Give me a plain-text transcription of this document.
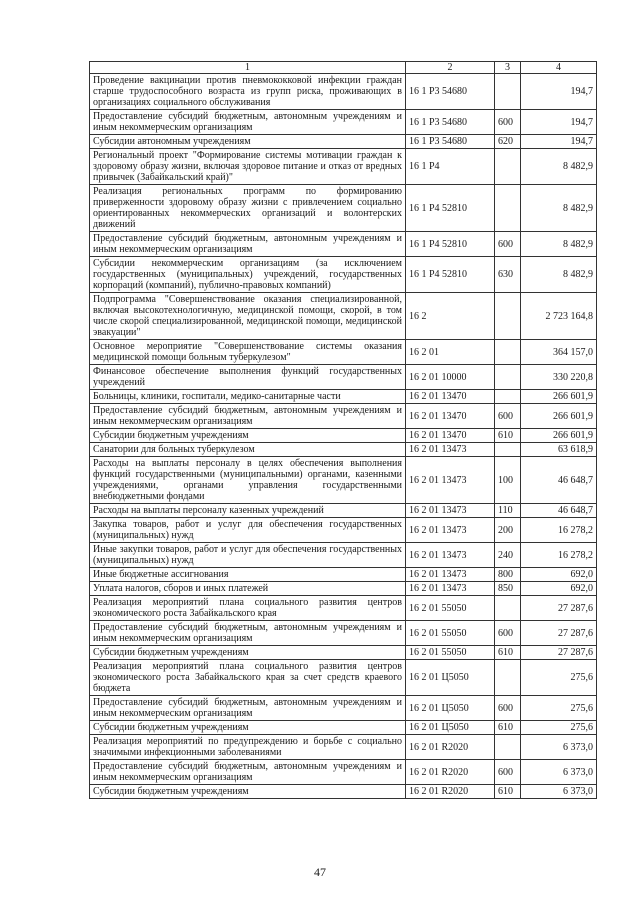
1	2	3	4
Проведение вакцинации против пневмококковой инфекции граждан старше трудоспособного возраста из групп риска, проживающих в организациях социального обслуживания	16 1 Р3 54680		194,7
Предоставление субсидий бюджетным, автономным учреждениям и иным некоммерческим организациям	16 1 Р3 54680	600	194,7
Субсидии автономным учреждениям	16 1 Р3 54680	620	194,7
Региональный проект "Формирование системы мотивации граждан к здоровому образу жизни, включая здоровое питание и отказ от вредных привычек (Забайкальский край)"	16 1 Р4		8 482,9
Реализация региональных программ по формированию приверженности здоровому образу жизни с привлечением социально ориентированных некоммерческих организаций и волонтерских движений	16 1 Р4 52810		8 482,9
Предоставление субсидий бюджетным, автономным учреждениям и иным некоммерческим организациям	16 1 Р4 52810	600	8 482,9
Субсидии некоммерческим организациям (за исключением государственных (муниципальных) учреждений, государственных корпораций (компаний), публично-правовых компаний)	16 1 Р4 52810	630	8 482,9
Подпрограмма "Совершенствование оказания специализированной, включая высокотехнологичную, медицинской помощи, скорой, в том числе скорой специализированной, медицинской помощи, медицинской эвакуации"	16 2		2 723 164,8
Основное мероприятие "Совершенствование системы оказания медицинской помощи больным туберкулезом"	16 2 01		364 157,0
Финансовое обеспечение выполнения функций государственных учреждений	16 2 01 10000		330 220,8
Больницы, клиники, госпитали, медико-санитарные части	16 2 01 13470		266 601,9
Предоставление субсидий бюджетным, автономным учреждениям и иным некоммерческим организациям	16 2 01 13470	600	266 601,9
Субсидии бюджетным учреждениям	16 2 01 13470	610	266 601,9
Санатории для больных туберкулезом	16 2 01 13473		63 618,9
Расходы на выплаты персоналу в целях обеспечения выполнения функций государственными (муниципальными) органами, казенными учреждениями, органами управления государственными внебюджетными фондами	16 2 01 13473	100	46 648,7
Расходы на выплаты персоналу казенных учреждений	16 2 01 13473	110	46 648,7
Закупка товаров, работ и услуг для обеспечения государственных (муниципальных) нужд	16 2 01 13473	200	16 278,2
Иные закупки товаров, работ и услуг для обеспечения государственных (муниципальных) нужд	16 2 01 13473	240	16 278,2
Иные бюджетные ассигнования	16 2 01 13473	800	692,0
Уплата налогов, сборов и иных платежей	16 2 01 13473	850	692,0
Реализация мероприятий плана социального развития центров экономического роста Забайкальского края	16 2 01 55050		27 287,6
Предоставление субсидий бюджетным, автономным учреждениям и иным некоммерческим организациям	16 2 01 55050	600	27 287,6
Субсидии бюджетным учреждениям	16 2 01 55050	610	27 287,6
Реализация мероприятий плана социального развития центров экономического роста Забайкальского края за счет средств краевого бюджета	16 2 01 Ц5050		275,6
Предоставление субсидий бюджетным, автономным учреждениям и иным некоммерческим организациям	16 2 01 Ц5050	600	275,6
Субсидии бюджетным учреждениям	16 2 01 Ц5050	610	275,6
Реализация мероприятий по предупреждению и борьбе с социально значимыми инфекционными заболеваниями	16 2 01 R2020		6 373,0
Предоставление субсидий бюджетным, автономным учреждениям и иным некоммерческим организациям	16 2 01 R2020	600	6 373,0
Субсидии бюджетным учреждениям	16 2 01 R2020	610	6 373,0
47
